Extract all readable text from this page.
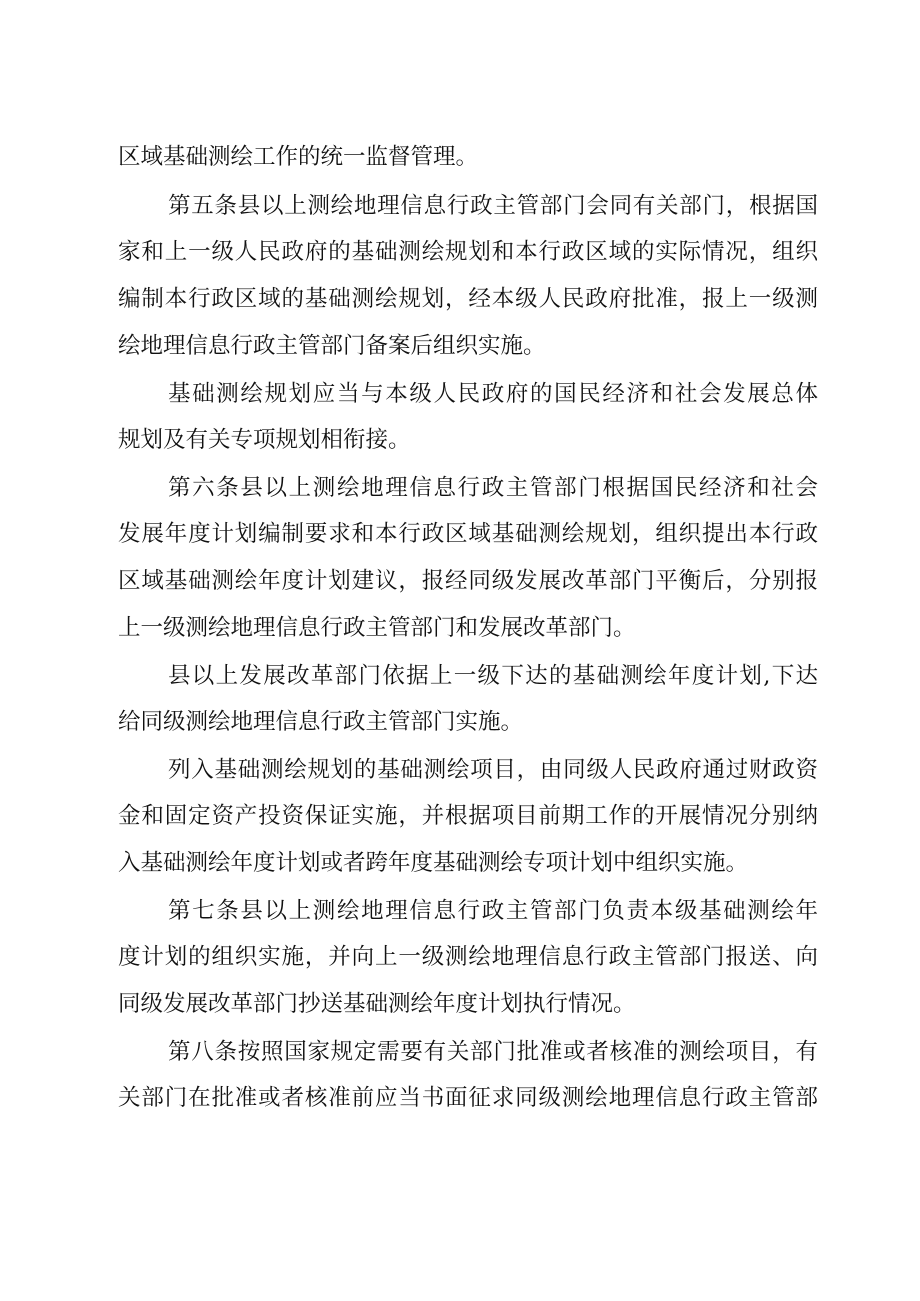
区域基础测绘工作的统一监督管理。

第五条县以上测绘地理信息行政主管部门会同有关部门，根据国

家和上一级人民政府的基础测绘规划和本行政区域的实际情况，组织

编制本行政区域的基础测绘规划，经本级人民政府批准，报上一级测

绘地理信息行政主管部门备案后组织实施。

基础测绘规划应当与本级人民政府的国民经济和社会发展总体

规划及有关专项规划相衔接。

第六条县以上测绘地理信息行政主管部门根据国民经济和社会

发展年度计划编制要求和本行政区域基础测绘规划，组织提出本行政

区域基础测绘年度计划建议，报经同级发展改革部门平衡后，分别报

上一级测绘地理信息行政主管部门和发展改革部门。

县以上发展改革部门依据上一级下达的基础测绘年度计划,下达

给同级测绘地理信息行政主管部门实施。

列入基础测绘规划的基础测绘项目，由同级人民政府通过财政资

金和固定资产投资保证实施，并根据项目前期工作的开展情况分别纳

入基础测绘年度计划或者跨年度基础测绘专项计划中组织实施。

第七条县以上测绘地理信息行政主管部门负责本级基础测绘年

度计划的组织实施，并向上一级测绘地理信息行政主管部门报送、向

同级发展改革部门抄送基础测绘年度计划执行情况。

第八条按照国家规定需要有关部门批准或者核准的测绘项目，有

关部门在批准或者核准前应当书面征求同级测绘地理信息行政主管部
